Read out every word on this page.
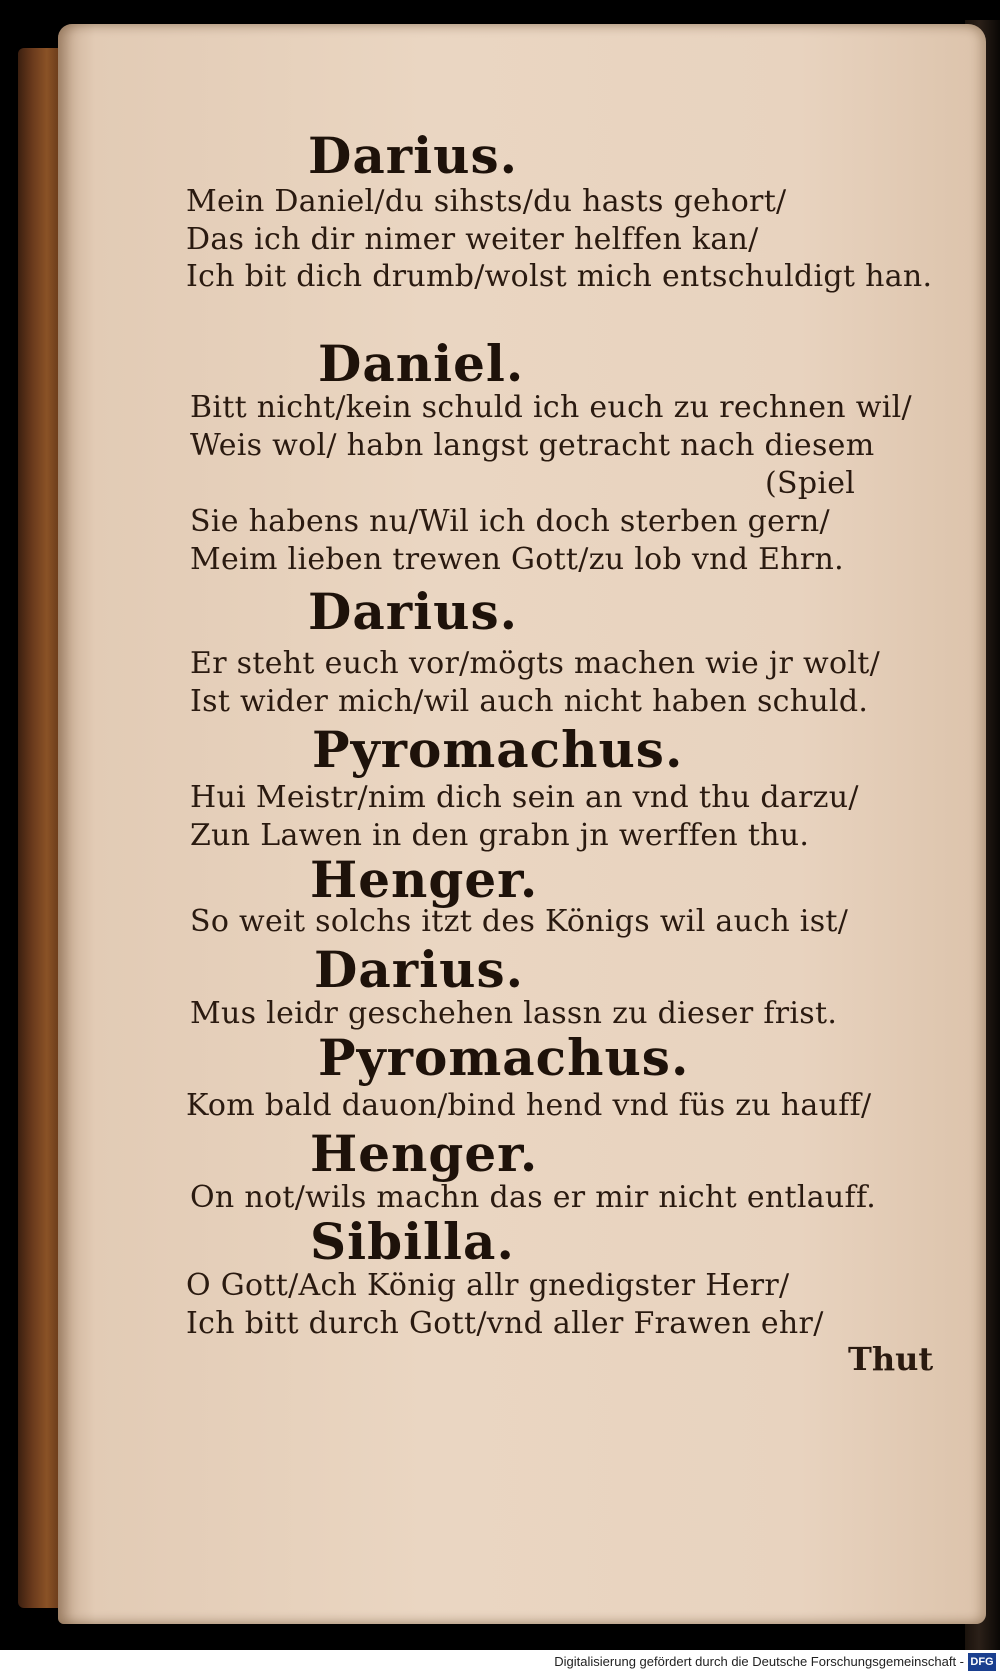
Darius.
Mein Daniel/du sihsts/du hasts gehort/
Das ich dir nimer weiter helffen kan/
Ich bit dich drumb/wolst mich entschuldigt han.
Daniel.
Bitt nicht/kein schuld ich euch zu rechnen wil/
Weis wol/ habn langst getracht nach diesem
(Spiel
Sie habens nu/Wil ich doch sterben gern/
Meim lieben trewen Gott/zu lob vnd Ehrn.
Darius.
Er steht euch vor/mögts machen wie jr wolt/
Ist wider mich/wil auch nicht haben schuld.
Pyromachus.
Hui Meistr/nim dich sein an vnd thu darzu/
Zun Lawen in den grabn jn werffen thu.
Henger.
So weit solchs itzt des Königs wil auch ist/
Darius.
Mus leidr geschehen lassn zu dieser frist.
Pyromachus.
Kom bald dauon/bind hend vnd füs zu hauff/
Henger.
On not/wils machn das er mir nicht entlauff.
Sibilla.
O Gott/Ach König allr gnedigster Herr/
Ich bitt durch Gott/vnd aller Frawen ehr/
Thut
Digitalisierung gefördert durch die Deutsche Forschungsgemeinschaft - DFG
